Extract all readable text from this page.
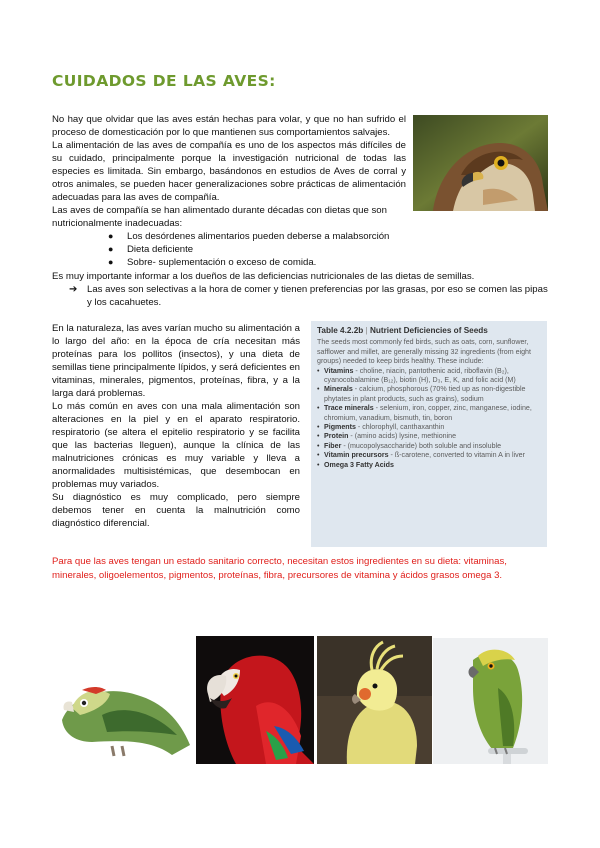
CUIDADOS DE LAS AVES:

No hay que olvidar que las aves están hechas para volar, y que no han sufrido el proceso de domesticación por lo que mantienen sus comportamientos salvajes.

La alimentación de las aves de compañía es uno de los aspectos más difíciles de su cuidado, principalmente porque la investigación nutricional de todas las especies es limitada. Sin embargo, basándonos en estudios de Aves de corral y otros animales, se pueden hacer generalizaciones sobre prácticas de alimentación adecuadas para las aves de compañía.

Las aves de compañía se han alimentado durante décadas con dietas que son nutricionalmente inadecuadas:

● Los desórdenes alimentarios pueden deberse a malabsorción
● Dieta deficiente
● Sobre- suplementación o exceso de comida.

Es muy importante informar a los dueños de las deficiencias nutricionales de las dietas de semillas.

➔ Las aves son selectivas a la hora de comer y tienen preferencias por las grasas, por eso se comen las pipas y los cacahuetes.

En la naturaleza, las aves varían mucho su alimentación a lo largo del año: en la época de cría necesitan más proteínas para los pollitos (insectos), y una dieta de semillas tiene principalmente lípidos, y será deficientes en vitaminas, minerales, pigmentos, proteínas, fibra, y a la larga dará problemas.

Lo más común en aves con una mala alimentación son alteraciones en la piel y en el aparato respiratorio. respiratorio (se altera el epitelio respiratorio y se facilita que las bacterias lleguen), aunque la clínica de las malnutriciones crónicas es muy variable y lleva a anormalidades multisistémicas, que desembocan en problemas muy variados.

Su diagnóstico es muy complicado, pero siempre debemos tener en cuenta la malnutrición como diagnóstico diferencial.

Table 4.2.2b | Nutrient Deficiencies of Seeds
The seeds most commonly fed birds, such as oats, corn, sunflower, safflower and millet, are generally missing 32 ingredients (from eight groups) needed to keep birds healthy. These include:
• Vitamins - choline, niacin, pantothenic acid, riboflavin (B₂), cyanocobalamine (B₁₂), biotin (H), D₃, E, K, and folic acid (M)
• Minerals - calcium, phosphorous (70% tied up as non-digestible phytates in plant products, such as grains), sodium
• Trace minerals - selenium, iron, copper, zinc, manganese, iodine, chromium, vanadium, bismuth, tin, boron
• Pigments - chlorophyll, canthaxanthin
• Protein - (amino acids) lysine, methionine
• Fiber - (mucopolysaccharide) both soluble and insoluble
• Vitamin precursors - ß-carotene, converted to vitamin A in liver
• Omega 3 Fatty Acids

Para que las aves tengan un estado sanitario correcto, necesitan estos ingredientes en su dieta: vitaminas, minerales, oligoelementos, pigmentos, proteínas, fibra, precursores de vitamina y ácidos grasos omega 3.
